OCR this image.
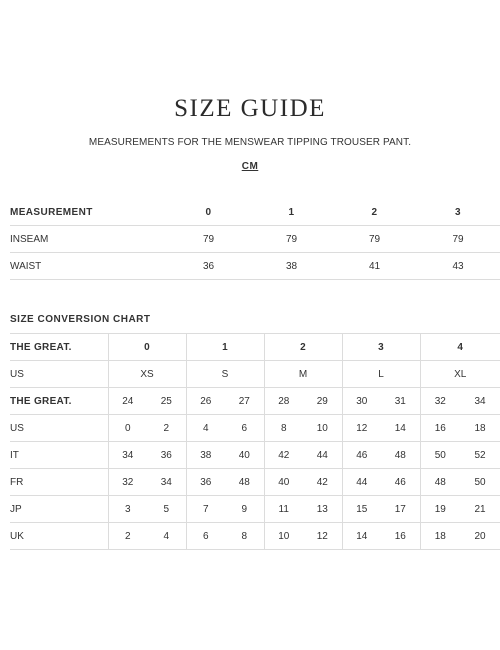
SIZE GUIDE
MEASUREMENTS FOR THE MENSWEAR TIPPING TROUSER PANT.
CM
MEASUREMENT	0	1	2	3
INSEAM	79	79	79	79
WAIST	36	38	41	43
SIZE CONVERSION CHART
THE GREAT.	0		1		2		3		4	
US	XS		S		M		L		XL	
THE GREAT.	24	25	26	27	28	29	30	31	32	34
US	0	2	4	6	8	10	12	14	16	18
IT	34	36	38	40	42	44	46	48	50	52
FR	32	34	36	48	40	42	44	46	48	50
JP	3	5	7	9	11	13	15	17	19	21
UK	2	4	6	8	10	12	14	16	18	20
